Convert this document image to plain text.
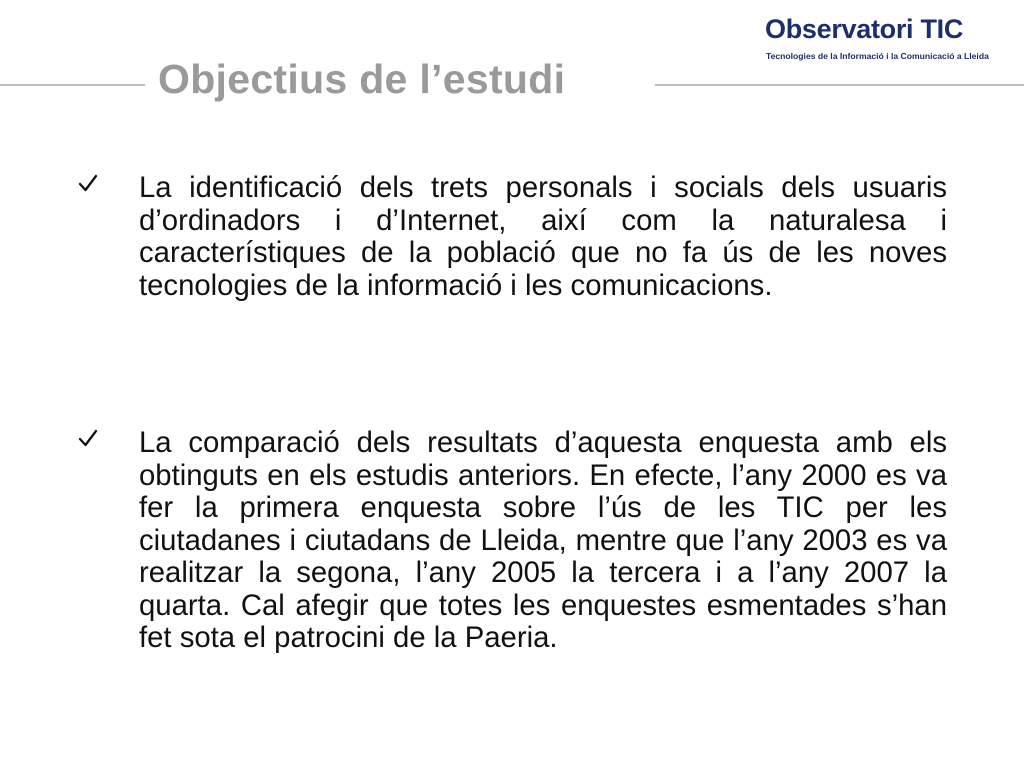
Objectius de l’estudi
Observatori TIC
Tecnologies de la Informació i la Comunicació a Lleida

La identificació dels trets personals i socials dels usuaris d’ordinadors i d’Internet, així com la naturalesa i característiques de la població que no fa ús de les noves tecnologies de la informació i les comunicacions.

La comparació dels resultats d’aquesta enquesta amb els obtinguts en els estudis anteriors. En efecte, l’any 2000 es va fer la primera enquesta sobre l’ús de les TIC per les ciutadanes i ciutadans de Lleida, mentre que l’any 2003 es va realitzar la segona, l’any 2005 la tercera i a l’any 2007 la quarta. Cal afegir que totes les enquestes esmentades s’han fet sota el patrocini de la Paeria.
